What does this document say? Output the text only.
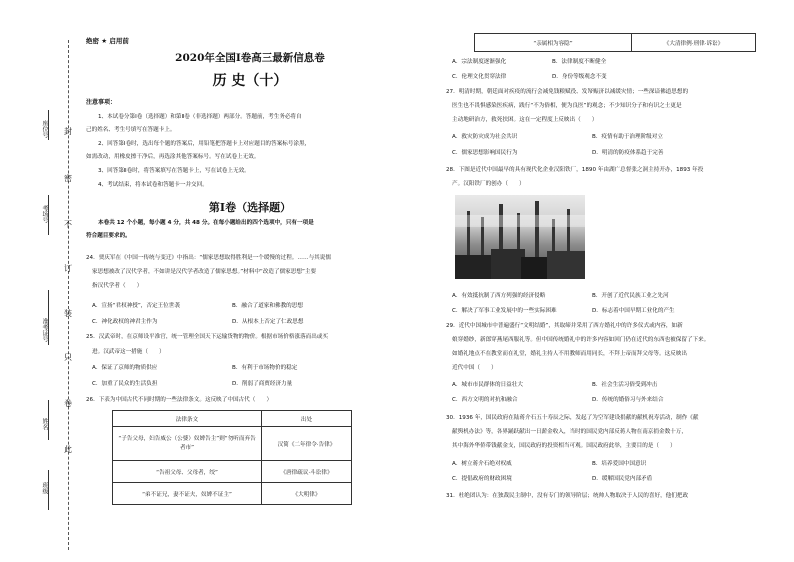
封
密
不
订
装
只
卷
此
座位号
考场号
准考证号
姓名
班级
绝密 ★ 启用前
2020年全国Ⅰ卷高三最新信息卷
历 史（十）
注意事项：
1、本试卷分第Ⅰ卷（选择题）和第Ⅱ卷（非选择题）两部分。答题前，考生务必将自
己的姓名、考生号填写在答题卡上。
2、回答第Ⅰ卷时，选出每个题的答案后，用铅笔把答题卡上对应题目的答案标号涂黑，
如需改动，用橡皮擦干净后，再选涂其他答案标号。写在试卷上无效。
3、回答第Ⅱ卷时，将答案填写在答题卡上，写在试卷上无效。
4、考试结束，将本试卷和答题卡一并交回。
第Ⅰ卷（选择题）
本卷共 12 个小题，每小题 4 分，共 48 分。在每小题给出的四个选项中，只有一项是
符合题目要求的。
24．贾庆军在《中国一传统与变迁》中指出：“儒家思想取得胜利是一个缓慢的过程。……与其说儒
家思想被改了汉代学者，不如讲是汉代学者改造了儒家思想。”材料中“改造了儒家思想”主要
指汉代学者（　　）
A．宣扬“君权神授”，否定王位世袭	B．融合了道家和佛教的思想
C．神化政权的神君主作为	D．从根本上否定了仁政思想
25．汉武帝时，在京师设平准官，统一管理全国天下运输货物的物价。根据市场价格涨落而出或买
进。汉武帝这一措施（　　）
A．保证了京师的物质供应	B．有利于市场物价的稳定
C．加重了民众的生活负担	D．削弱了商贾经济力量
26．下表为中国古代不同时期的一些法律条文。这反映了中国古代（　　）
法律条文	出处
“子告父母，妇告威公（公婆）奴婢告主”则“勿听而弃告者市”	汉简《二年律令·告律》
“告祖父母、父母者，绞”	《唐律疏议·斗讼律》
“弟不证兄，妻不证夫，奴婢不证主”	《大明律》
“亲属相为容隐”	《大清律例·刑律·诉讼》
A．宗法制度逐渐强化	B．法律制度不断健全
C．伦理文化贯穿法律	D．身份等级观念不变
27．明清时期，朝廷面对疾疫的流行会减免钱粮赋役、发帑赈济以减缓灾情；一些深谙佛道思想的
医生也不畏惧感染医疾病，践行“不为俗相，便为良医”的观念；不少知识分子和有识之士更是
主动地研治方，救死扶困。这在一定程度上反映出（　　）
A．救灾防灾成为社会共识	B．疫情有助于治理阶级对立
C．儒家思想影响国民行为	D．明清的防疫体系趋于完善
28．下图是近代中国最早的具有现代化企业汉阳铁厂，1890 年由湖广总督张之洞主持开办，1893 年投
产。汉阳铁厂的创办（　　）
A．有效抵抗制了西方列强的经济侵略	B．开创了近代民族工业之先河
C．解决了军事工业发展中的一些实际困难	D．标志着中国早期工业化的产生
29．近代中国城市中普遍盛行“文明结婚”，其取缔并采用了西方婚礼中的许多仪式或内容，如新
娘穿婚纱，新郎穿燕尾西服礼等。但中国传统婚礼中的许多内容如回门仍在近代的东西也被保留了下来。
如婚礼地点不在教堂而在礼堂，婚礼主持人不用教师而用同长，不拜上帝而拜父母等。这反映出
近代中国（　　）
A．城市市民群体的日益壮大	B．社会生活习俗受到冲击
C．西方文明的对抗和融合	D．传统的婚俗习与外来结合
30．1936 年，国民政府在陆蒋介石五十寿辰之际，发起了为空军建设捐献的献机祝寿活动，制作《献
献舆机办法》等，各界踊跃献出一日薪金收入，当时的国民党内部反蒋人物在南京捐金数十万，
其中海外华侨带钱献金支，国民政府的投资相当可观。国民政府此举，主要目的是（　　）
A．树立蒋介石绝对权威	B．培养爱国中国意识
C．提倡政府的财政困境	D．缓解国民党内部矛盾
31．杜绝团认为：在独裁民主制中，没有专门的领导阶层；统帅人物取决于人民的喜好，他们把政
